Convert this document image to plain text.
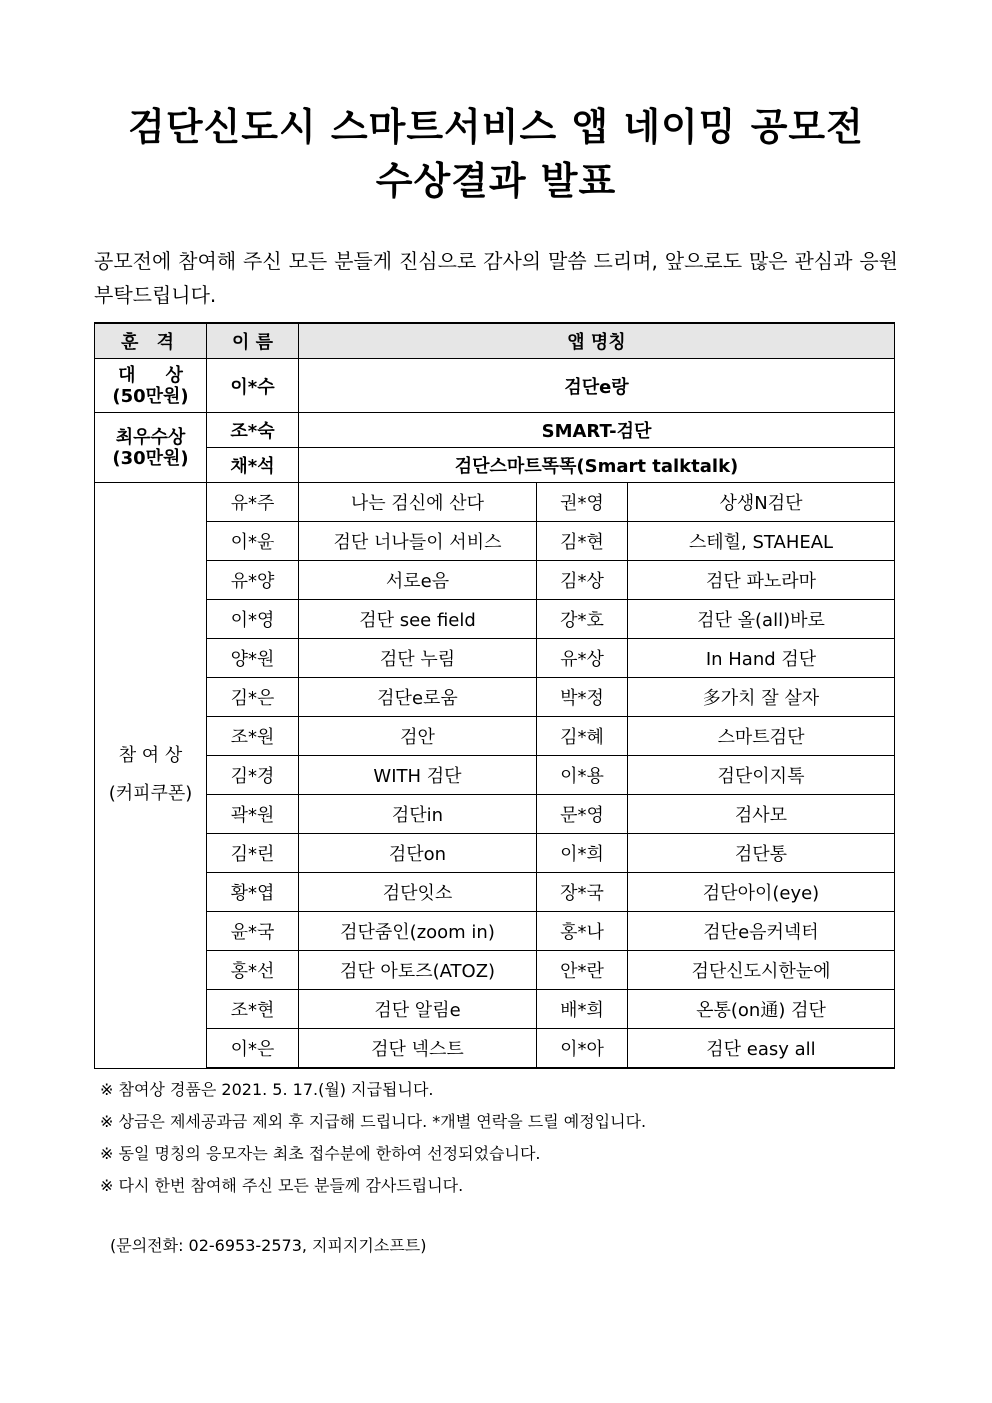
검단신도시 스마트서비스 앱 네이밍 공모전
수상결과 발표
공모전에 참여해 주신 모든 분들게 진심으로 감사의 말씀 드리며, 앞으로도 많은 관심과 응원 부탁드립니다.
훈 격	이 름	앱 명칭		

대 상
(50만원)	이*수	검단e랑		

최우수상
(30만원)	조*숙	SMART-검단		
	채*석	검단스마트똑똑(Smart talktalk)		

참 여 상
(커피쿠폰)	유*주	나는 검신에 산다	권*영	상생N검단
	이*윤	검단 너나들이 서비스	김*현	스테힐, STAHEAL
	유*양	서로e음	김*상	검단 파노라마
	이*영	검단 see field	강*호	검단 올(all)바로
	양*원	검단 누림	유*상	In Hand 검단
	김*은	검단e로움	박*정	多가치 잘 살자
	조*원	검안	김*혜	스마트검단
	김*경	WITH 검단	이*용	검단이지톡
	곽*원	검단in	문*영	검사모
	김*린	검단on	이*희	검단통
	황*엽	검단잇소	장*국	검단아이(eye)
	윤*국	검단줌인(zoom in)	홍*나	검단e음커넥터
	홍*선	검단 아토즈(ATOZ)	안*란	검단신도시한눈에
	조*현	검단 알림e	배*희	온통(on通) 검단
	이*은	검단 넥스트	이*아	검단 easy all
※ 참여상 경품은 2021. 5. 17.(월) 지급됩니다.
※ 상금은 제세공과금 제외 후 지급해 드립니다. *개별 연락을 드릴 예정입니다.
※ 동일 명칭의 응모자는 최초 접수분에 한하여 선정되었습니다.
※ 다시 한번 참여해 주신 모든 분들께 감사드립니다.
(문의전화: 02-6953-2573, 지피지기소프트)
